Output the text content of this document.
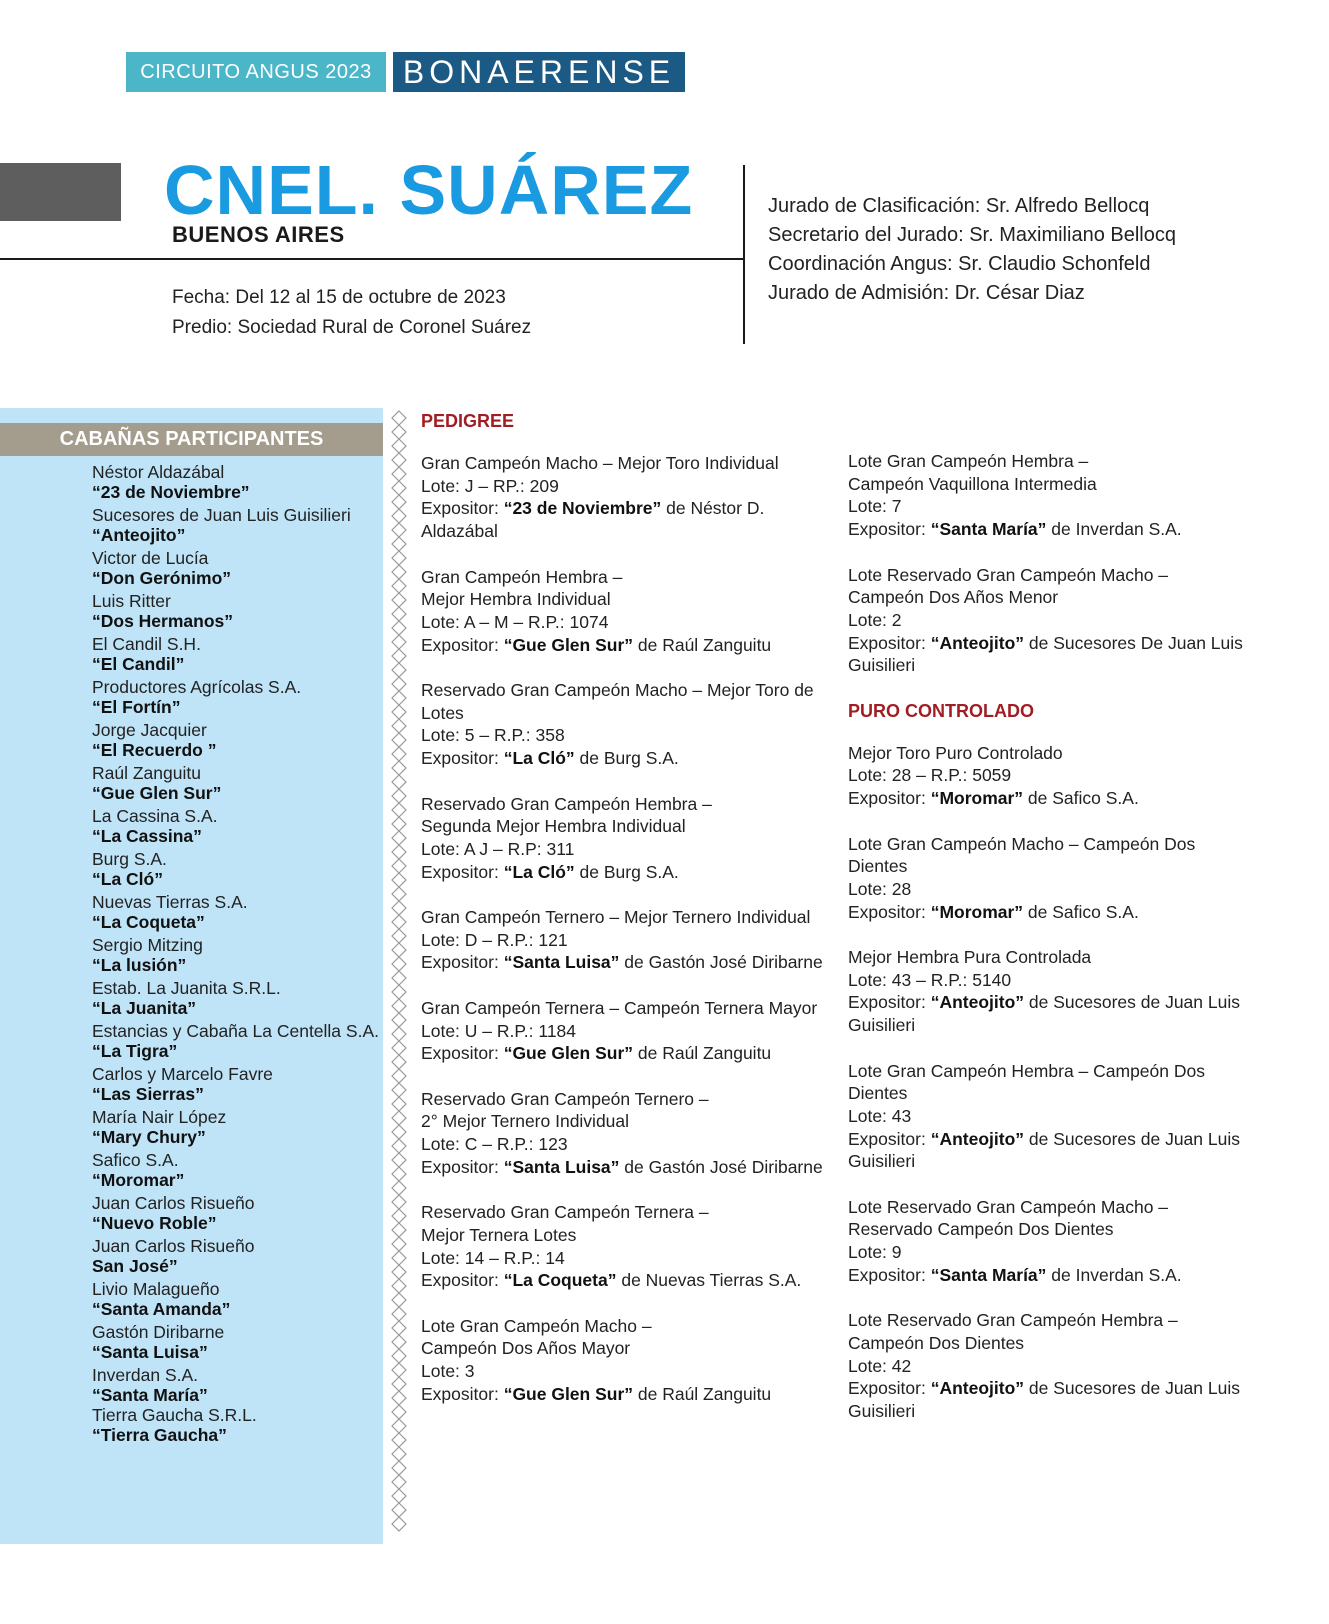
CIRCUITO ANGUS 2023 BONAERENSE
CNEL. SUÁREZ
BUENOS AIRES
Fecha: Del 12 al 15 de octubre de 2023
Predio: Sociedad Rural de Coronel Suárez
Jurado de Clasificación: Sr. Alfredo Bellocq
Secretario del Jurado: Sr. Maximiliano Bellocq
Coordinación Angus: Sr. Claudio Schonfeld
Jurado de Admisión: Dr. César Diaz
CABAÑAS PARTICIPANTES
Néstor Aldazábal
“23 de Noviembre”
Sucesores de Juan Luis Guisilieri
“Anteojito”
Victor de Lucía
“Don Gerónimo”
Luis Ritter
“Dos Hermanos”
El Candil S.H.
“El Candil”
Productores Agrícolas S.A.
“El Fortín”
Jorge Jacquier
“El Recuerdo ”
Raúl Zanguitu
“Gue Glen Sur”
La Cassina S.A.
“La Cassina”
Burg S.A.
“La Cló”
Nuevas Tierras S.A.
“La Coqueta”
Sergio Mitzing
“La lusión”
Estab. La Juanita S.R.L.
“La Juanita”
Estancias y Cabaña La Centella S.A.
“La Tigra”
Carlos y Marcelo Favre
“Las Sierras”
María Nair López
“Mary Chury”
Safico S.A.
“Moromar”
Juan Carlos Risueño
“Nuevo Roble”
Juan Carlos Risueño
San José”
Livio Malagueño
“Santa Amanda”
Gastón Diribarne
“Santa Luisa”
Inverdan S.A.
“Santa María”
Tierra Gaucha S.R.L.
“Tierra Gaucha”
PEDIGREE
Gran Campeón Macho – Mejor Toro Individual
Lote: J – RP.: 209
Expositor: “23 de Noviembre” de Néstor D. Aldazábal
Gran Campeón Hembra –
Mejor Hembra Individual
Lote: A – M – R.P.: 1074
Expositor: “Gue Glen Sur” de Raúl Zanguitu
Reservado Gran Campeón Macho – Mejor Toro de Lotes
Lote: 5 – R.P.: 358
Expositor: “La Cló” de Burg S.A.
Reservado Gran Campeón Hembra –
Segunda Mejor Hembra Individual
Lote: A J – R.P: 311
Expositor: “La Cló” de Burg S.A.
Gran Campeón Ternero – Mejor Ternero Individual
Lote: D – R.P.: 121
Expositor: “Santa Luisa” de Gastón José Diribarne
Gran Campeón Ternera – Campeón Ternera Mayor
Lote: U – R.P.: 1184
Expositor: “Gue Glen Sur” de Raúl Zanguitu
Reservado Gran Campeón Ternero –
2° Mejor Ternero Individual
Lote: C – R.P.: 123
Expositor: “Santa Luisa” de Gastón José Diribarne
Reservado Gran Campeón Ternera –
Mejor Ternera Lotes
Lote: 14 – R.P.: 14
Expositor: “La Coqueta” de Nuevas Tierras S.A.
Lote Gran Campeón Macho –
Campeón Dos Años Mayor
Lote: 3
Expositor: “Gue Glen Sur” de Raúl Zanguitu
Lote Gran Campeón Hembra –
Campeón Vaquillona Intermedia
Lote: 7
Expositor: “Santa María” de Inverdan S.A.
Lote Reservado Gran Campeón Macho –
Campeón Dos Años Menor
Lote: 2
Expositor: “Anteojito” de Sucesores De Juan Luis Guisilieri
PURO CONTROLADO
Mejor Toro Puro Controlado
Lote: 28 – R.P.: 5059
Expositor: “Moromar” de Safico S.A.
Lote Gran Campeón Macho – Campeón Dos Dientes
Lote: 28
Expositor: “Moromar” de Safico S.A.
Mejor Hembra Pura Controlada
Lote: 43 – R.P.: 5140
Expositor: “Anteojito” de Sucesores de Juan Luis Guisilieri
Lote Gran Campeón Hembra – Campeón Dos Dientes
Lote: 43
Expositor: “Anteojito” de Sucesores de Juan Luis Guisilieri
Lote Reservado Gran Campeón Macho –
Reservado Campeón Dos Dientes
Lote: 9
Expositor: “Santa María” de Inverdan S.A.
Lote Reservado Gran Campeón Hembra –
Campeón Dos Dientes
Lote: 42
Expositor: “Anteojito” de Sucesores de Juan Luis Guisilieri
